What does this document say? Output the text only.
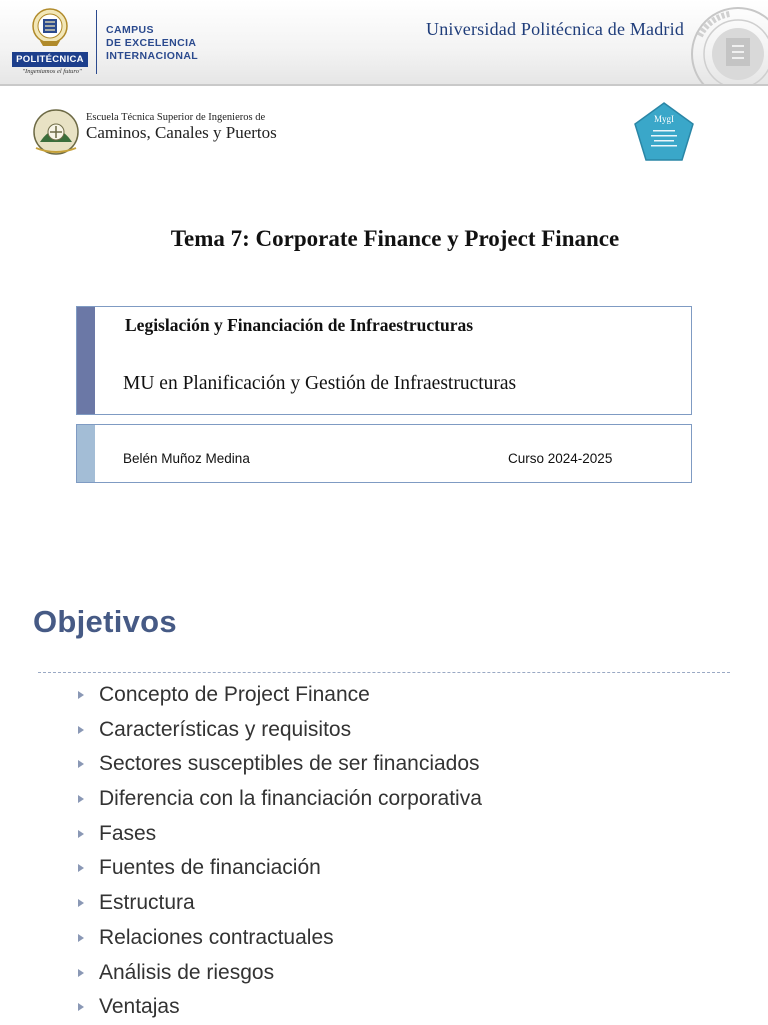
POLITÉCNICA
"Ingeniamos el futuro"
CAMPUS
DE EXCELENCIA
INTERNACIONAL
Universidad Politécnica de Madrid
Escuela Técnica Superior de Ingenieros de
Caminos, Canales y Puertos
MygI
Tema 7: Corporate Finance y Project Finance
Legislación y Financiación de Infraestructuras
MU en Planificación y Gestión de Infraestructuras
Belén Muñoz Medina	Curso 2024-2025
Objetivos
Concepto de Project Finance
Características y requisitos
Sectores susceptibles de ser financiados
Diferencia con la financiación corporativa
Fases
Fuentes de financiación
Estructura
Relaciones contractuales
Análisis de riesgos
Ventajas
